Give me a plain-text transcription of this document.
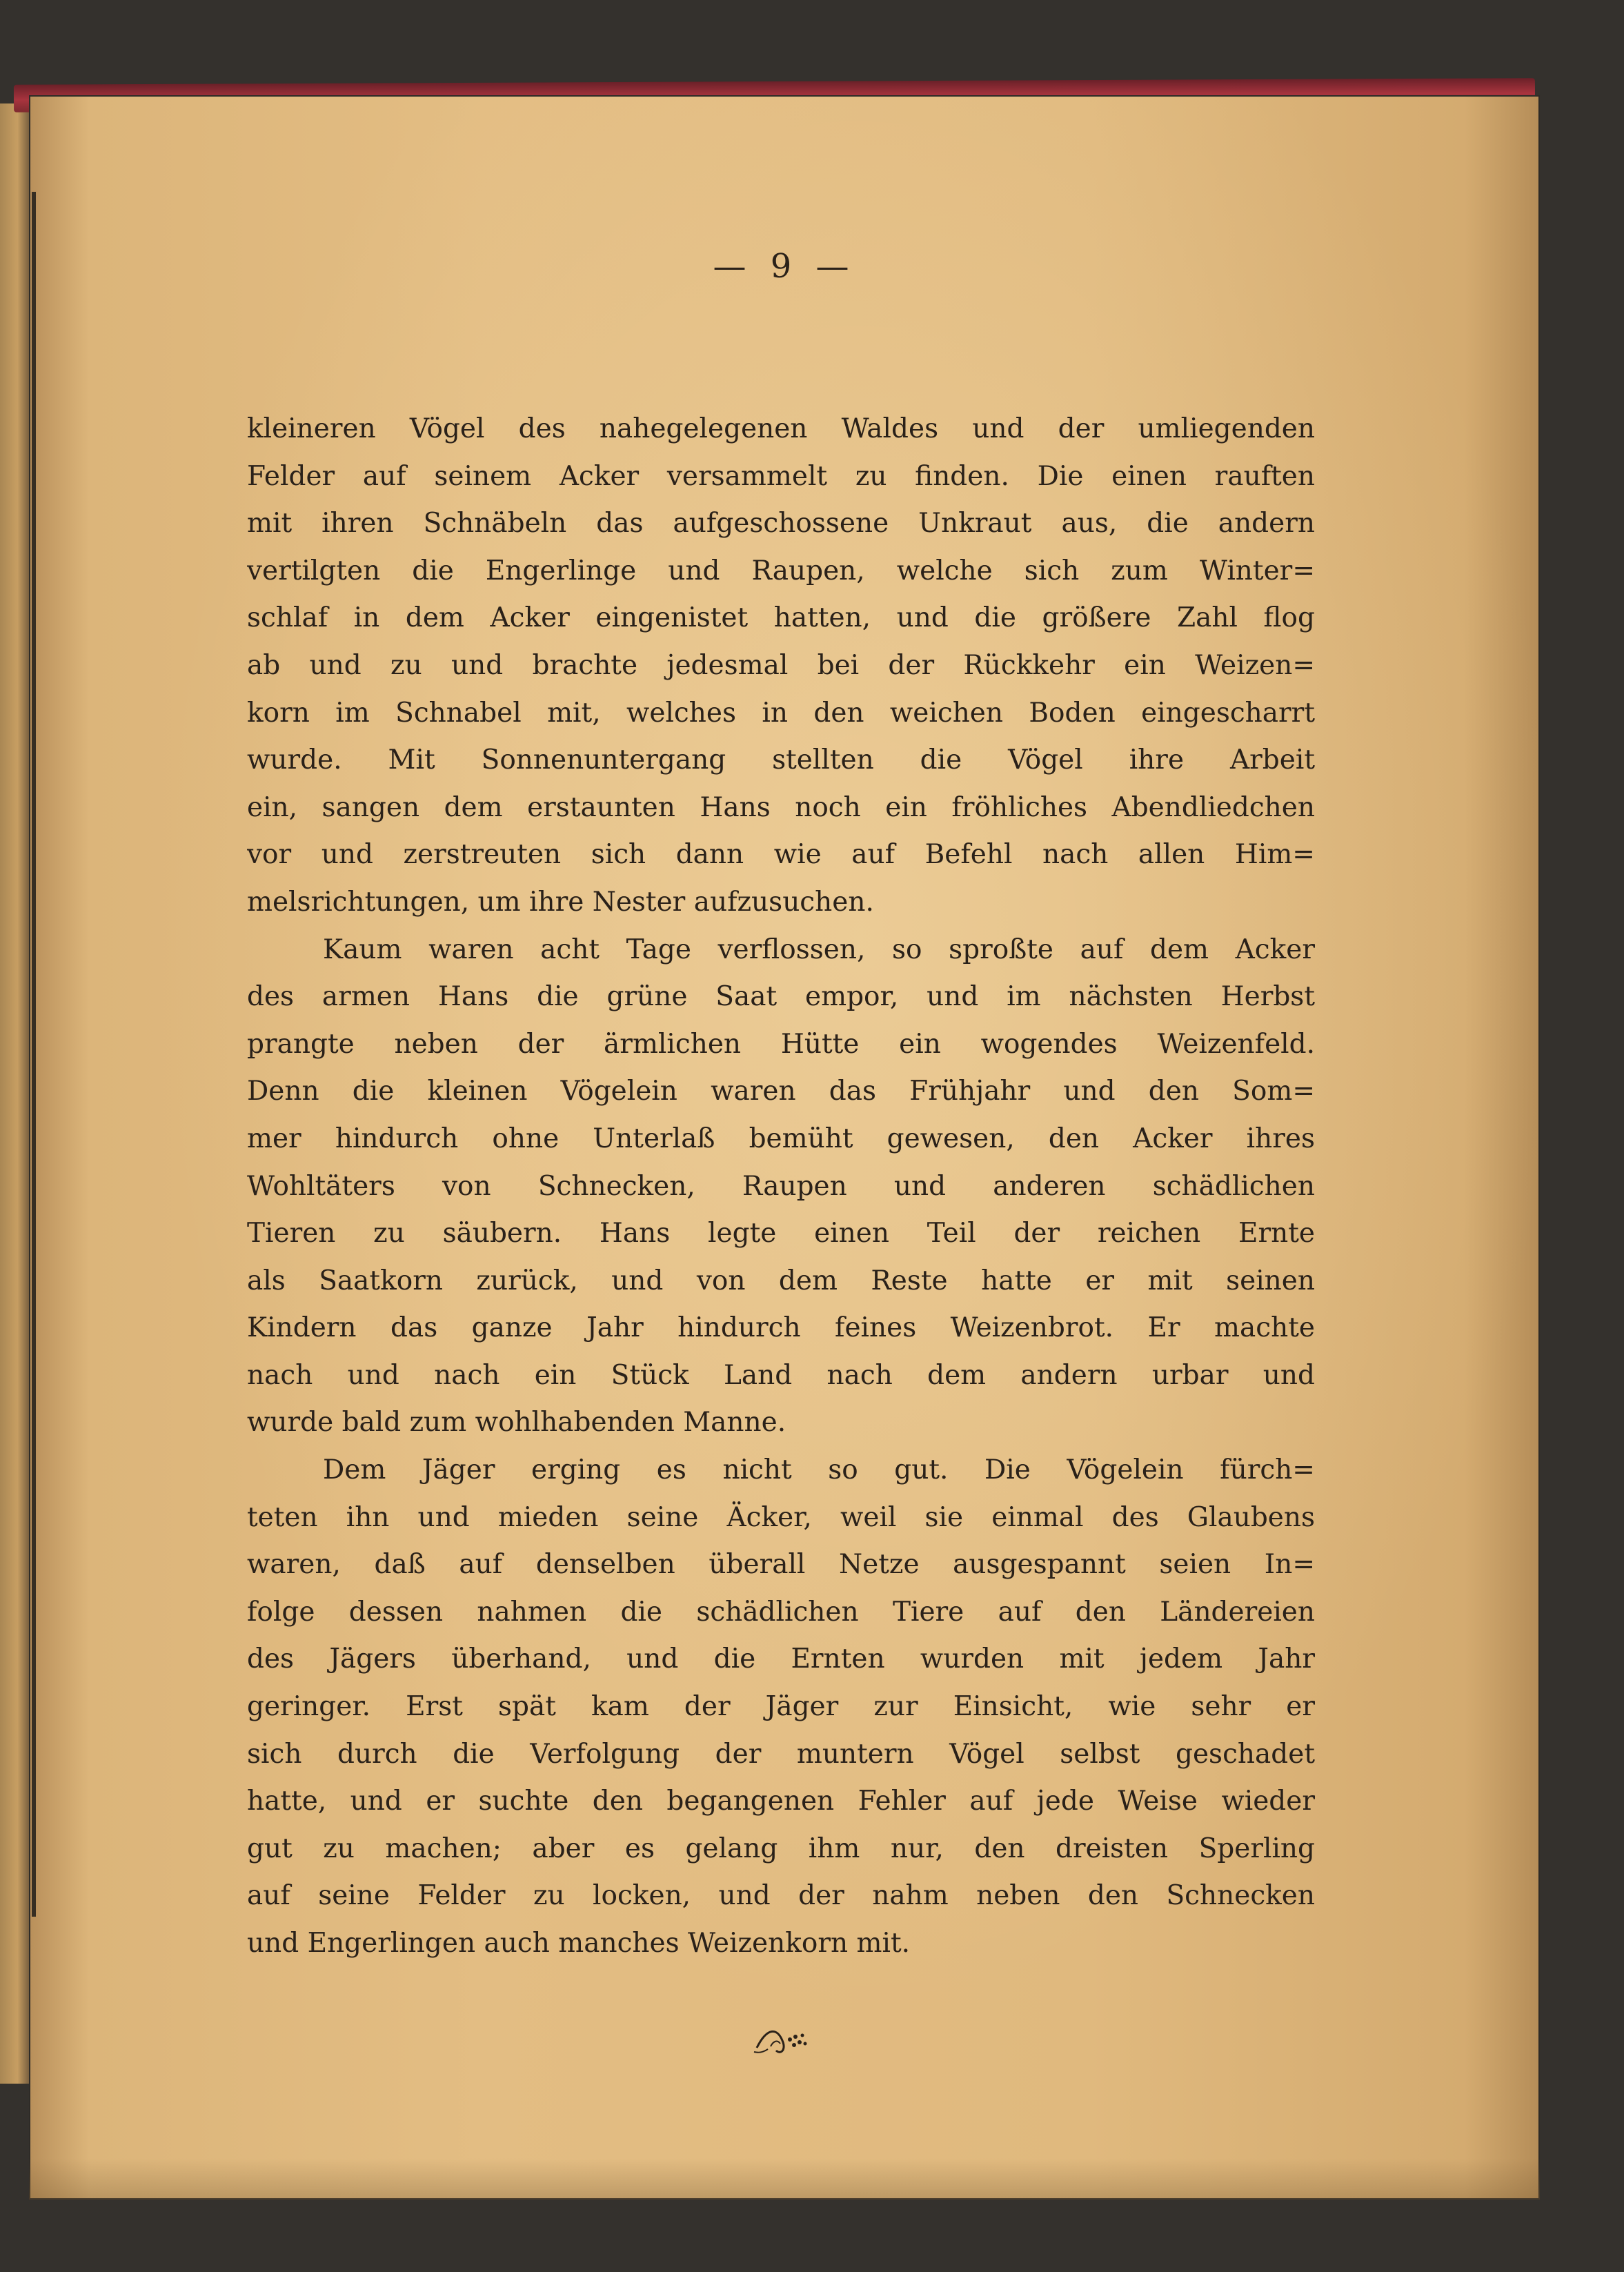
— 9 —
kleineren Vögel des nahegelegenen Waldes und der umliegenden
Felder auf seinem Acker versammelt zu finden. Die einen rauften
mit ihren Schnäbeln das aufgeschossene Unkraut aus, die andern
vertilgten die Engerlinge und Raupen, welche sich zum Winter=
schlaf in dem Acker eingenistet hatten, und die größere Zahl flog
ab und zu und brachte jedesmal bei der Rückkehr ein Weizen=
korn im Schnabel mit, welches in den weichen Boden eingescharrt
wurde. Mit Sonnenuntergang stellten die Vögel ihre Arbeit
ein, sangen dem erstaunten Hans noch ein fröhliches Abendliedchen
vor und zerstreuten sich dann wie auf Befehl nach allen Him=
melsrichtungen, um ihre Nester aufzusuchen.
Kaum waren acht Tage verflossen, so sproßte auf dem Acker
des armen Hans die grüne Saat empor, und im nächsten Herbst
prangte neben der ärmlichen Hütte ein wogendes Weizenfeld.
Denn die kleinen Vögelein waren das Frühjahr und den Som=
mer hindurch ohne Unterlaß bemüht gewesen, den Acker ihres
Wohltäters von Schnecken, Raupen und anderen schädlichen
Tieren zu säubern. Hans legte einen Teil der reichen Ernte
als Saatkorn zurück, und von dem Reste hatte er mit seinen
Kindern das ganze Jahr hindurch feines Weizenbrot. Er machte
nach und nach ein Stück Land nach dem andern urbar und
wurde bald zum wohlhabenden Manne.
Dem Jäger erging es nicht so gut. Die Vögelein fürch=
teten ihn und mieden seine Äcker, weil sie einmal des Glaubens
waren, daß auf denselben überall Netze ausgespannt seien In=
folge dessen nahmen die schädlichen Tiere auf den Ländereien
des Jägers überhand, und die Ernten wurden mit jedem Jahr
geringer. Erst spät kam der Jäger zur Einsicht, wie sehr er
sich durch die Verfolgung der muntern Vögel selbst geschadet
hatte, und er suchte den begangenen Fehler auf jede Weise wieder
gut zu machen; aber es gelang ihm nur, den dreisten Sperling
auf seine Felder zu locken, und der nahm neben den Schnecken
und Engerlingen auch manches Weizenkorn mit.
